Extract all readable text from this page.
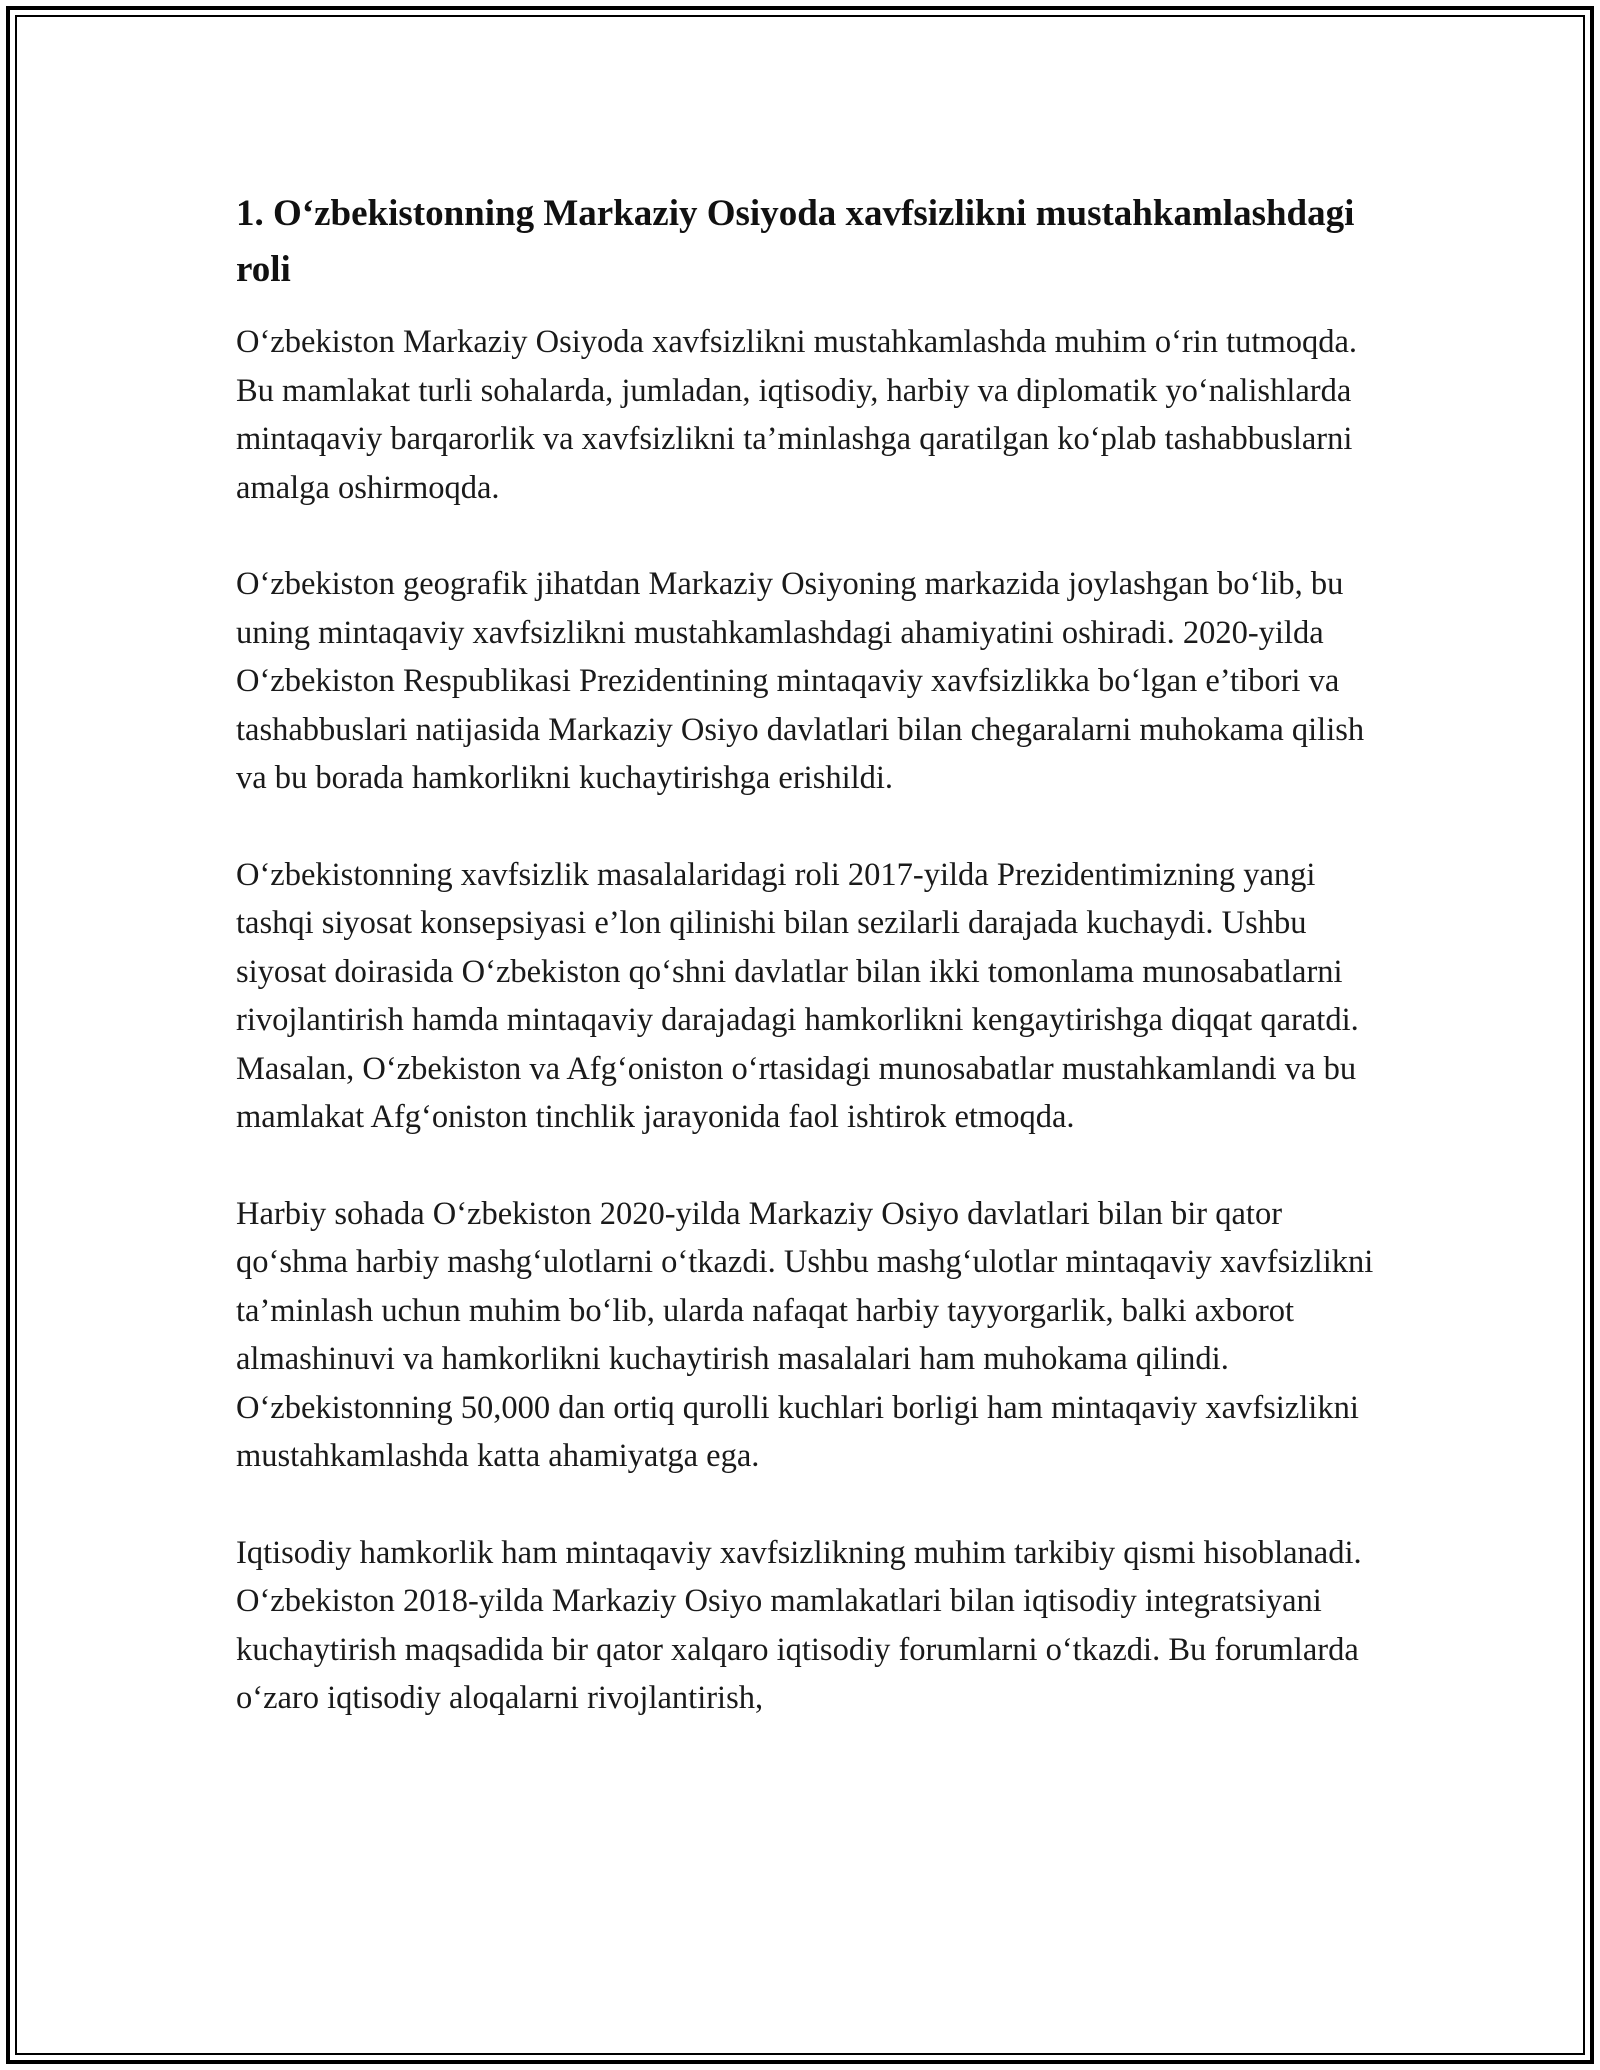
1. O‘zbekistonning Markaziy Osiyoda xavfsizlikni mustahkamlashdagi roli

O‘zbekiston Markaziy Osiyoda xavfsizlikni mustahkamlashda muhim o‘rin tutmoqda. Bu mamlakat turli sohalarda, jumladan, iqtisodiy, harbiy va diplomatik yo‘nalishlarda mintaqaviy barqarorlik va xavfsizlikni ta’minlashga qaratilgan ko‘plab tashabbuslarni amalga oshirmoqda.

O‘zbekiston geografik jihatdan Markaziy Osiyoning markazida joylashgan bo‘lib, bu uning mintaqaviy xavfsizlikni mustahkamlashdagi ahamiyatini oshiradi. 2020-yilda O‘zbekiston Respublikasi Prezidentining mintaqaviy xavfsizlikka bo‘lgan e’tibori va tashabbuslari natijasida Markaziy Osiyo davlatlari bilan chegaralarni muhokama qilish va bu borada hamkorlikni kuchaytirishga erishildi.

O‘zbekistonning xavfsizlik masalalaridagi roli 2017-yilda Prezidentimizning yangi tashqi siyosat konsepsiyasi e’lon qilinishi bilan sezilarli darajada kuchaydi. Ushbu siyosat doirasida O‘zbekiston qo‘shni davlatlar bilan ikki tomonlama munosabatlarni rivojlantirish hamda mintaqaviy darajadagi hamkorlikni kengaytirishga diqqat qaratdi. Masalan, O‘zbekiston va Afg‘oniston o‘rtasidagi munosabatlar mustahkamlandi va bu mamlakat Afg‘oniston tinchlik jarayonida faol ishtirok etmoqda.

Harbiy sohada O‘zbekiston 2020-yilda Markaziy Osiyo davlatlari bilan bir qator qo‘shma harbiy mashg‘ulotlarni o‘tkazdi. Ushbu mashg‘ulotlar mintaqaviy xavfsizlikni ta’minlash uchun muhim bo‘lib, ularda nafaqat harbiy tayyorgarlik, balki axborot almashinuvi va hamkorlikni kuchaytirish masalalari ham muhokama qilindi. O‘zbekistonning 50,000 dan ortiq qurolli kuchlari borligi ham mintaqaviy xavfsizlikni mustahkamlashda katta ahamiyatga ega.

Iqtisodiy hamkorlik ham mintaqaviy xavfsizlikning muhim tarkibiy qismi hisoblanadi. O‘zbekiston 2018-yilda Markaziy Osiyo mamlakatlari bilan iqtisodiy integratsiyani kuchaytirish maqsadida bir qator xalqaro iqtisodiy forumlarni o‘tkazdi. Bu forumlarda o‘zaro iqtisodiy aloqalarni rivojlantirish,
